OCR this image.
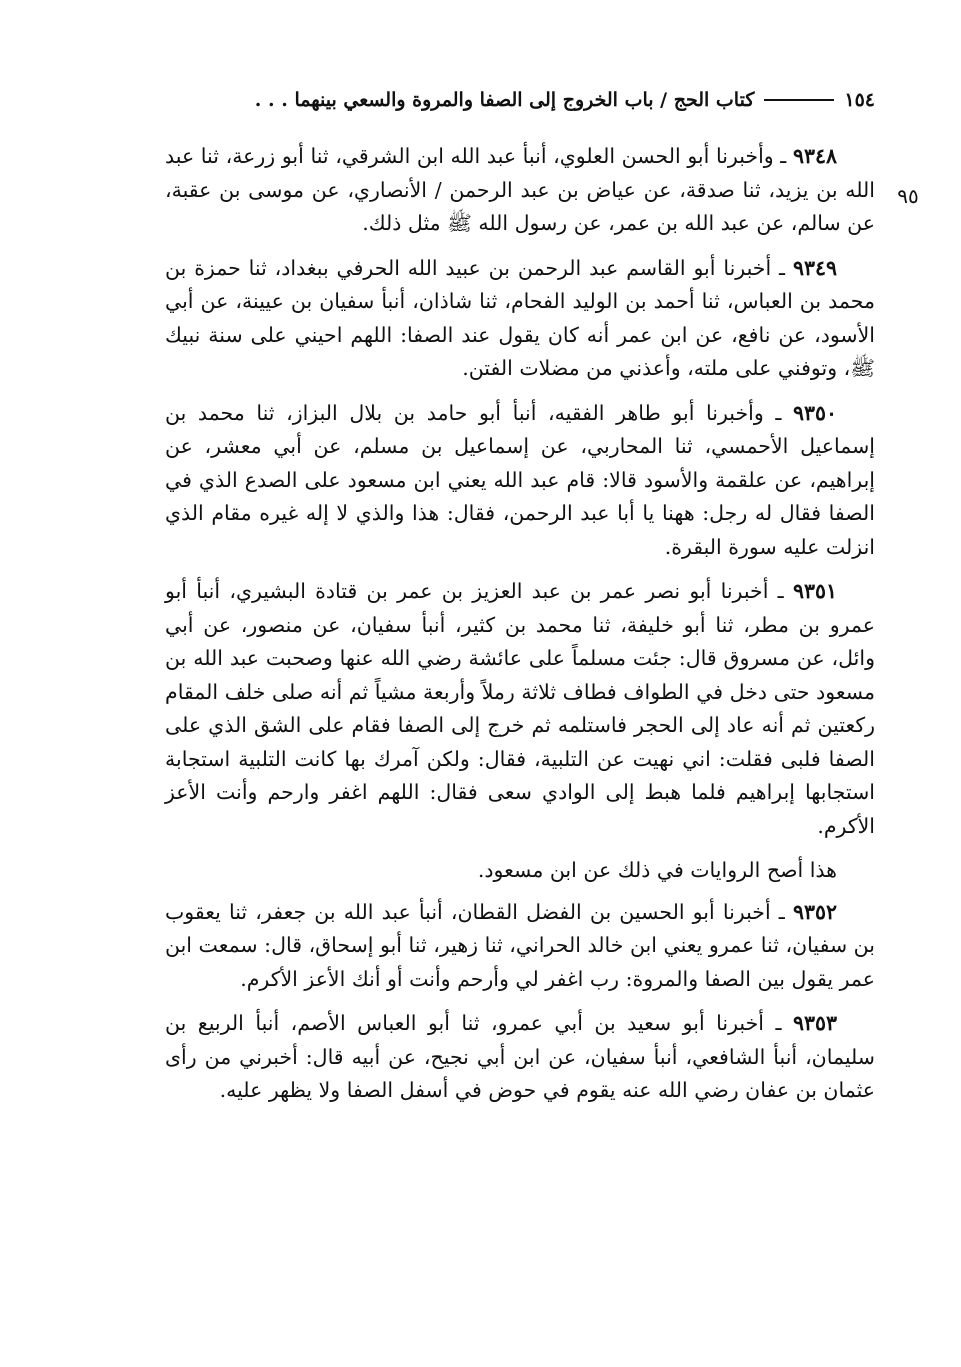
١٥٤
كتاب الحج / باب الخروج إلى الصفا والمروة والسعي بينهما . . .
٩٥

٩٣٤٨ ـ وأخبرنا أبو الحسن العلوي، أنبأ عبد الله ابن الشرقي، ثنا أبو زرعة، ثنا عبد الله بن يزيد، ثنا صدقة، عن عياض بن عبد الرحمن / الأنصاري، عن موسى بن عقبة، عن سالم، عن عبد الله بن عمر، عن رسول الله ﷺ مثل ذلك.

٩٣٤٩ ـ أخبرنا أبو القاسم عبد الرحمن بن عبيد الله الحرفي ببغداد، ثنا حمزة بن محمد بن العباس، ثنا أحمد بن الوليد الفحام، ثنا شاذان، أنبأ سفيان بن عيينة، عن أبي الأسود، عن نافع، عن ابن عمر أنه كان يقول عند الصفا: اللهم احيني على سنة نبيك ﷺ، وتوفني على ملته، وأعذني من مضلات الفتن.

٩٣٥٠ ـ وأخبرنا أبو طاهر الفقيه، أنبأ أبو حامد بن بلال البزاز، ثنا محمد بن إسماعيل الأحمسي، ثنا المحاربي، عن إسماعيل بن مسلم، عن أبي معشر، عن إبراهيم، عن علقمة والأسود قالا: قام عبد الله يعني ابن مسعود على الصدع الذي في الصفا فقال له رجل: ههنا يا أبا عبد الرحمن، فقال: هذا والذي لا إله غيره مقام الذي انزلت عليه سورة البقرة.

٩٣٥١ ـ أخبرنا أبو نصر عمر بن عبد العزيز بن عمر بن قتادة البشيري، أنبأ أبو عمرو بن مطر، ثنا أبو خليفة، ثنا محمد بن كثير، أنبأ سفيان، عن منصور، عن أبي وائل، عن مسروق قال: جئت مسلماً على عائشة رضي الله عنها وصحبت عبد الله بن مسعود حتى دخل في الطواف فطاف ثلاثة رملاً وأربعة مشياً ثم أنه صلى خلف المقام ركعتين ثم أنه عاد إلى الحجر فاستلمه ثم خرج إلى الصفا فقام على الشق الذي على الصفا فلبى فقلت: اني نهيت عن التلبية، فقال: ولكن آمرك بها كانت التلبية استجابة استجابها إبراهيم فلما هبط إلى الوادي سعى فقال: اللهم اغفر وارحم وأنت الأعز الأكرم.

هذا أصح الروايات في ذلك عن ابن مسعود.

٩٣٥٢ ـ أخبرنا أبو الحسين بن الفضل القطان، أنبأ عبد الله بن جعفر، ثنا يعقوب بن سفيان، ثنا عمرو يعني ابن خالد الحراني، ثنا زهير، ثنا أبو إسحاق، قال: سمعت ابن عمر يقول بين الصفا والمروة: رب اغفر لي وأرحم وأنت أو أنك الأعز الأكرم.

٩٣٥٣ ـ أخبرنا أبو سعيد بن أبي عمرو، ثنا أبو العباس الأصم، أنبأ الربيع بن سليمان، أنبأ الشافعي، أنبأ سفيان، عن ابن أبي نجيح، عن أبيه قال: أخبرني من رأى عثمان بن عفان رضي الله عنه يقوم في حوض في أسفل الصفا ولا يظهر عليه.
